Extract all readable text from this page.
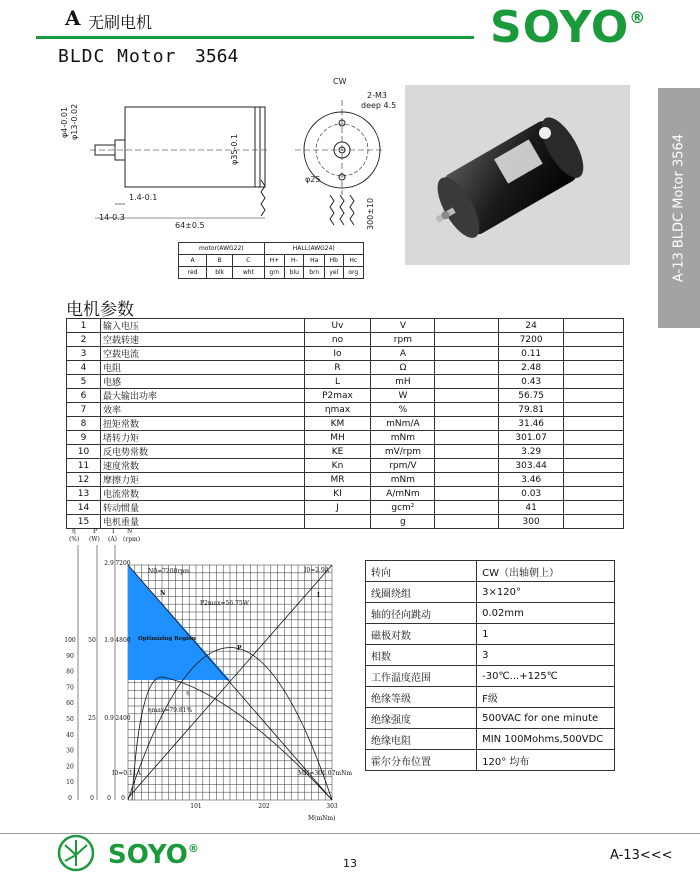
A 无刷电机	SOYO®
BLDC Motor 3564
A-13 BLDC Motor 3564
64±0.5
14-0.3
1.4-0.1
φ4-0.01 φ13-0.02
φ35-0.1
CW
2-M3
deep 4.5
φ25
300±10
motor(AWG22)			HALL(AWG24)				
A	B	C	H+	H-	Ha	Hb	Hc
red	blk	wht	grn	blu	brn	yel	org
电机参数
1	输入电压	Uv	V		24	
2	空载转速	no	rpm		7200	
3	空载电流	Io	A		0.11	
4	电阻	R	Ω		2.48	
5	电感	L	mH		0.43	
6	最大输出功率	P2max	W		56.75	
7	效率	ηmax	%		79.81	
8	扭矩常数	KM	mNm/A		31.46	
9	堵转力矩	MH	mNm		301.07	
10	反电势常数	KE	mV/rpm		3.29	
11	速度常数	Kn	rpm/V		303.44	
12	摩擦力矩	MR	mNm		3.46	
13	电流常数	KI	A/mNm		0.03	
14	转动惯量	J	gcm²		41	
15	电机重量		g		300	
η
(%)
P
(W)
I
(A)
N
(rpm)
Optimizing Region
N0=7200rpm	I0=2.9A
P2max=56.75W
ηmax=79.81%
MH=301.07mNm
I0=0.11A
N	I
P
η
101	202	303
100
90
80
70
60
50
40
30
20
10
0
50
25
0
2.9
1.9
0.9
0
7200
4800
2400
0
M(mNm)
转向	CW（出轴朝上）
线圈绕组	3×120°
轴的径向跳动	0.02mm
磁极对数	1
相数	3
工作温度范围	-30℃...+125℃
绝缘等级	F级
绝缘强度	500VAC for one minute
绝缘电阻	MIN 100Mohms,500VDC
霍尔分布位置	120° 均布
SOYO®
13
A-13<<<
